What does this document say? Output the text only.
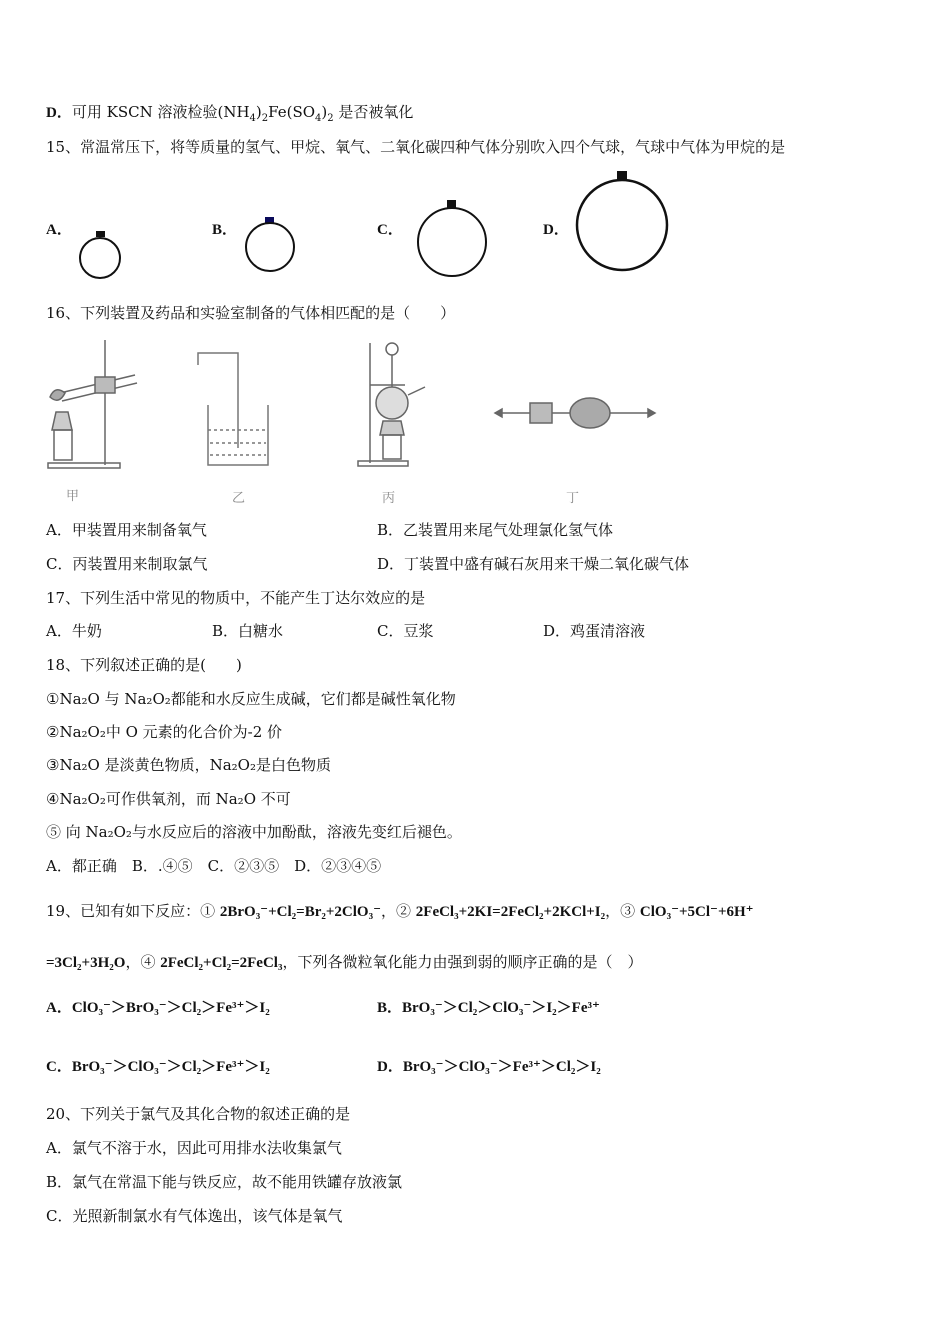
D．可用 KSCN 溶液检验$(NH_4)_2Fe(SO_4)_2$ 是否被氧化
15、常温常压下，将等质量的氢气、甲烷、氧气、二氧化碳四种气体分别吹入四个气球，气球中气体为甲烷的是
A．	B．	C．	D．
16、下列装置及药品和实验室制备的气体相匹配的是（　　）
甲	乙	丙	丁
A．甲装置用来制备氧气	B．乙装置用来尾气处理氯化氢气体
C．丙装置用来制取氯气	D．丁装置中盛有碱石灰用来干燥二氧化碳气体
17、下列生活中常见的物质中，不能产生丁达尔效应的是
A．牛奶	B．白糖水	C．豆浆	D．鸡蛋清溶液
18、下列叙述正确的是(　　)
①Na₂O 与 Na₂O₂都能和水反应生成碱，它们都是碱性氧化物
②Na₂O₂中 O 元素的化合价为-2 价
③Na₂O 是淡黄色物质，Na₂O₂是白色物质
④Na₂O₂可作供氧剂，而 Na₂O 不可
⑤ 向 Na₂O₂与水反应后的溶液中加酚酞，溶液先变红后褪色。
A．都正确　B．.④⑤　C．②③⑤　D．②③④⑤
19、已知有如下反应：① 2BrO₃⁻+Cl₂=Br₂+2ClO₃⁻，② 2FeCl₃+2KI=2FeCl₂+2KCl+I₂，③ ClO₃⁻+5Cl⁻+6H⁺
=3Cl₂+3H₂O，④ 2FeCl₂+Cl₂=2FeCl₃，下列各微粒氧化能力由强到弱的顺序正确的是（　）
A．ClO₃⁻＞BrO₃⁻＞Cl₂＞Fe³⁺＞I₂	B．BrO₃⁻＞Cl₂＞ClO₃⁻＞I₂＞Fe³⁺
C．BrO₃⁻＞ClO₃⁻＞Cl₂＞Fe³⁺＞I₂	D．BrO₃⁻＞ClO₃⁻＞Fe³⁺＞Cl₂＞I₂
20、下列关于氯气及其化合物的叙述正确的是
A．氯气不溶于水，因此可用排水法收集氯气
B．氯气在常温下能与铁反应，故不能用铁罐存放液氯
C．光照新制氯水有气体逸出，该气体是氧气
